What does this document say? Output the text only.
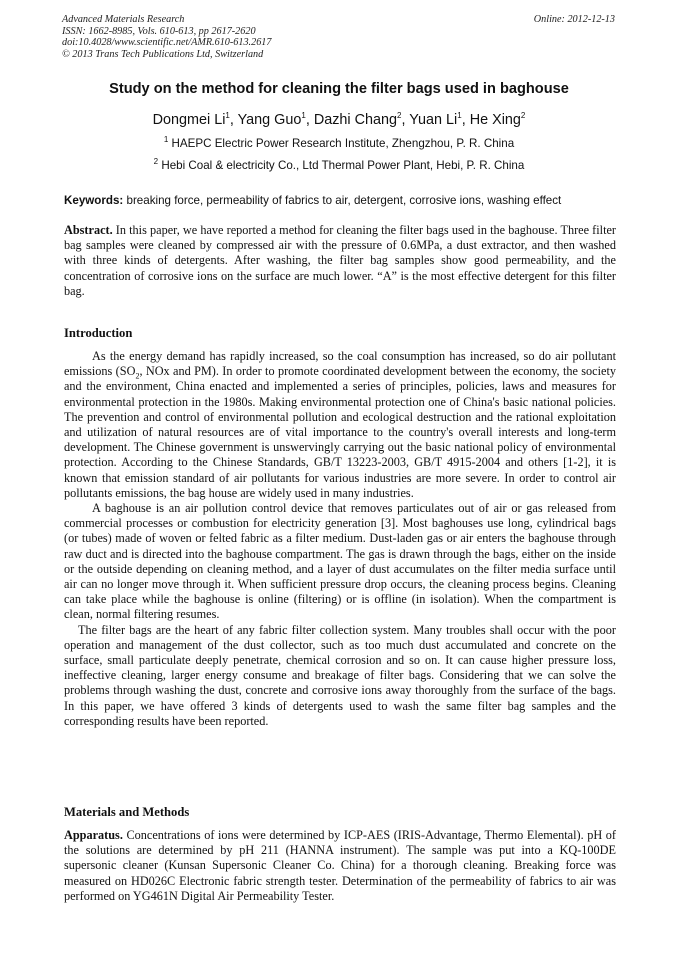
Advanced Materials Research
ISSN: 1662-8985, Vols. 610-613, pp 2617-2620
doi:10.4028/www.scientific.net/AMR.610-613.2617
© 2013 Trans Tech Publications Ltd, Switzerland
Online: 2012-12-13
Study on the method for cleaning the filter bags used in baghouse
Dongmei Li$^1$, Yang Guo$^1$, Dazhi Chang$^2$, Yuan Li$^1$, He Xing$^2$
$^1$ HAEPC Electric Power Research Institute, Zhengzhou, P. R. China
$^2$ Hebi Coal & electricity Co., Ltd Thermal Power Plant, Hebi, P. R. China
Keywords: breaking force, permeability of fabrics to air, detergent, corrosive ions, washing effect

Abstract. In this paper, we have reported a method for cleaning the filter bags used in the baghouse. Three filter bag samples were cleaned by compressed air with the pressure of 0.6MPa, a dust extractor, and then washed with three kinds of detergents. After washing, the filter bag samples show good permeability, and the concentration of corrosive ions on the surface are much lower. “A” is the most effective detergent for this filter bag.

Introduction

As the energy demand has rapidly increased, so the coal consumption has increased, so do air pollutant emissions ($SO_2$, NOx and PM). In order to promote coordinated development between the economy, the society and the environment, China enacted and implemented a series of principles, policies, laws and measures for environmental protection in the 1980s. Making environmental protection one of China's basic national policies. The prevention and control of environmental pollution and ecological destruction and the rational exploitation and utilization of natural resources are of vital importance to the country's overall interests and long-term development. The Chinese government is unswervingly carrying out the basic national policy of environmental protection. According to the Chinese Standards, GB/T 13223-2003, GB/T 4915-2004 and others [1-2], it is known that emission standard of air pollutants for various industries are more severe. In order to control air pollutants emissions, the bag house are widely used in many industries.

A baghouse is an air pollution control device that removes particulates out of air or gas released from commercial processes or combustion for electricity generation [3]. Most baghouses use long, cylindrical bags (or tubes) made of woven or felted fabric as a filter medium. Dust-laden gas or air enters the baghouse through raw duct and is directed into the baghouse compartment. The gas is drawn through the bags, either on the inside or the outside depending on cleaning method, and a layer of dust accumulates on the filter media surface until air can no longer move through it. When sufficient pressure drop occurs, the cleaning process begins. Cleaning can take place while the baghouse is online (filtering) or is offline (in isolation). When the compartment is clean, normal filtering resumes.

The filter bags are the heart of any fabric filter collection system. Many troubles shall occur with the poor operation and management of the dust collector, such as too much dust accumulated and concrete on the surface, small particulate deeply penetrate, chemical corrosion and so on. It can cause higher pressure loss, ineffective cleaning, larger energy consume and breakage of filter bags. Considering that we can solve the problems through washing the dust, concrete and corrosive ions away thoroughly from the surface of the bags. In this paper, we have offered 3 kinds of detergents used to wash the same filter bag samples and the corresponding results have been reported.

Materials and Methods

Apparatus. Concentrations of ions were determined by ICP-AES (IRIS-Advantage, Thermo Elemental). pH of the solutions are determined by pH 211 (HANNA instrument). The sample was put into a KQ-100DE supersonic cleaner (Kunsan Supersonic Cleaner Co. China) for a thorough cleaning. Breaking force was measured on HD026C Electronic fabric strength tester. Determination of the permeability of fabrics to air was performed on YG461N Digital Air Permeability Tester.
